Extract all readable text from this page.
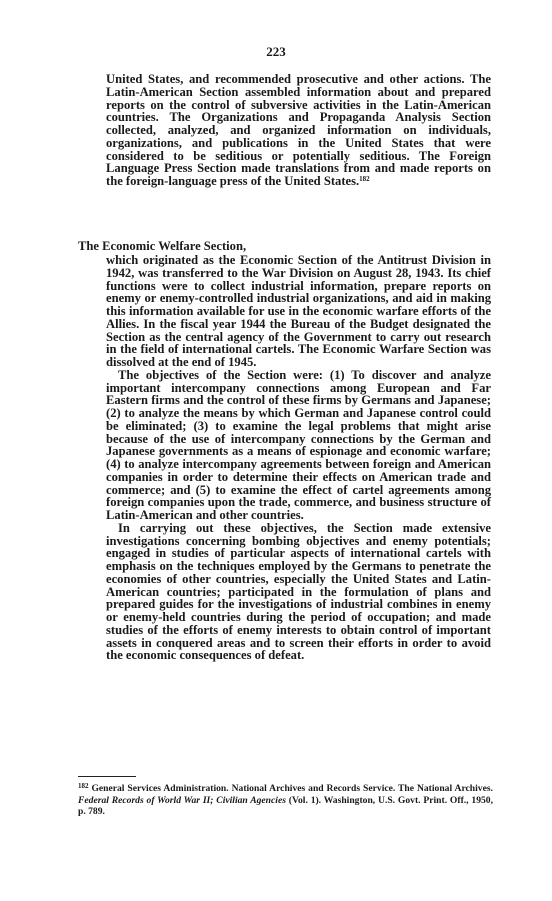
223

United States, and recommended prosecutive and other actions. The Latin-American Section assembled information about and prepared reports on the control of subversive activities in the Latin-American countries. The Organizations and Propaganda Analysis Section collected, analyzed, and organized information on individuals, organizations, and publications in the United States that were considered to be seditious or potentially seditious. The Foreign Language Press Section made translations from and made reports on the foreign-language press of the United States.$^{182}$

The Economic Welfare Section,

which originated as the Economic Section of the Antitrust Division in 1942, was transferred to the War Division on August 28, 1943. Its chief functions were to collect industrial information, prepare reports on enemy or enemy-controlled industrial organizations, and aid in making this information available for use in the economic warfare efforts of the Allies. In the fiscal year 1944 the Bureau of the Budget designated the Section as the central agency of the Government to carry out research in the field of international cartels. The Economic Warfare Section was dissolved at the end of 1945.

The objectives of the Section were: (1) To discover and analyze important intercompany connections among European and Far Eastern firms and the control of these firms by Germans and Japanese; (2) to analyze the means by which German and Japanese control could be eliminated; (3) to examine the legal problems that might arise because of the use of intercompany connections by the German and Japanese governments as a means of espionage and economic warfare; (4) to analyze intercompany agreements between foreign and American companies in order to determine their effects on American trade and commerce; and (5) to examine the effect of cartel agreements among foreign companies upon the trade, commerce, and business structure of Latin-American and other countries.

In carrying out these objectives, the Section made extensive investigations concerning bombing objectives and enemy potentials; engaged in studies of particular aspects of international cartels with emphasis on the techniques employed by the Germans to penetrate the economies of other countries, especially the United States and Latin-American countries; participated in the formulation of plans and prepared guides for the investigations of industrial combines in enemy or enemy-held countries during the period of occupation; and made studies of the efforts of enemy interests to obtain control of important assets in conquered areas and to screen their efforts in order to avoid the economic consequences of defeat.

$^{182}$ General Services Administration. National Archives and Records Service. The National Archives. Federal Records of World War II; Civilian Agencies (Vol. 1). Washington, U.S. Govt. Print. Off., 1950, p. 789.
